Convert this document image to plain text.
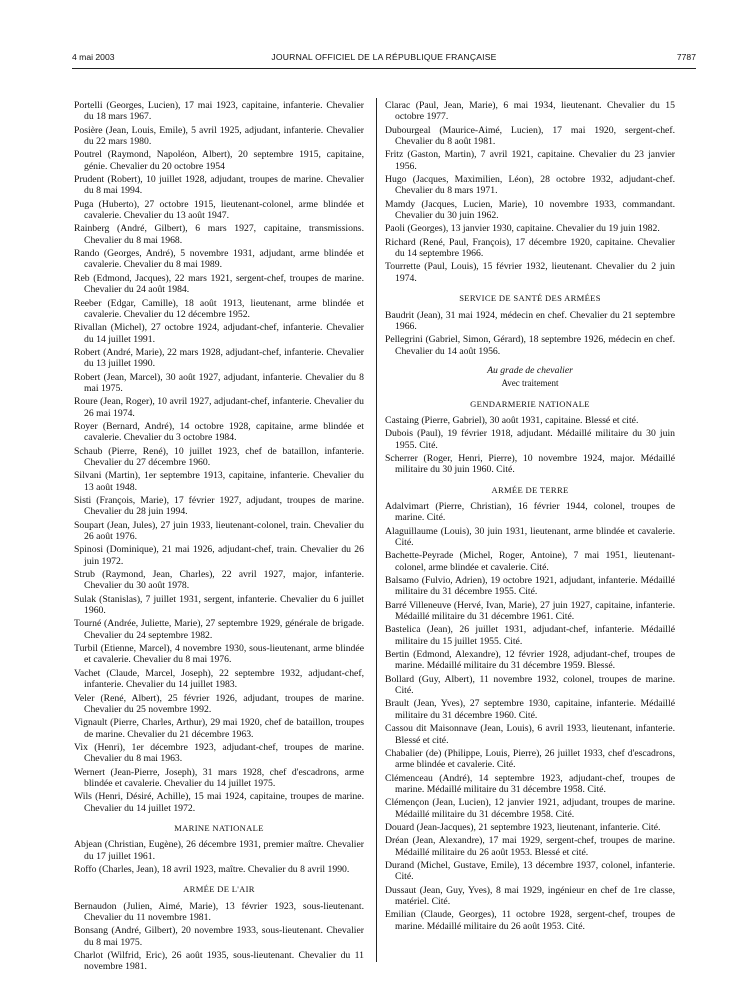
4 mai 2003	JOURNAL OFFICIEL DE LA RÉPUBLIQUE FRANÇAISE	7787

Portelli (Georges, Lucien), 17 mai 1923, capitaine, infanterie. Chevalier du 18 mars 1967.

Posière (Jean, Louis, Emile), 5 avril 1925, adjudant, infanterie. Chevalier du 22 mars 1980.

Poutrel (Raymond, Napoléon, Albert), 20 septembre 1915, capitaine, génie. Chevalier du 20 octobre 1954

Prudent (Robert), 10 juillet 1928, adjudant, troupes de marine. Chevalier du 8 mai 1994.

Puga (Huberto), 27 octobre 1915, lieutenant-colonel, arme blindée et cavalerie. Chevalier du 13 août 1947.

Rainberg (André, Gilbert), 6 mars 1927, capitaine, transmissions. Chevalier du 8 mai 1968.

Rando (Georges, André), 5 novembre 1931, adjudant, arme blindée et cavalerie. Chevalier du 8 mai 1989.

Reb (Edmond, Jacques), 22 mars 1921, sergent-chef, troupes de marine. Chevalier du 24 août 1984.

Reeber (Edgar, Camille), 18 août 1913, lieutenant, arme blindée et cavalerie. Chevalier du 12 décembre 1952.

Rivallan (Michel), 27 octobre 1924, adjudant-chef, infanterie. Chevalier du 14 juillet 1991.

Robert (André, Marie), 22 mars 1928, adjudant-chef, infanterie. Chevalier du 13 juillet 1990.

Robert (Jean, Marcel), 30 août 1927, adjudant, infanterie. Chevalier du 8 mai 1975.

Roure (Jean, Roger), 10 avril 1927, adjudant-chef, infanterie. Chevalier du 26 mai 1974.

Royer (Bernard, André), 14 octobre 1928, capitaine, arme blindée et cavalerie. Chevalier du 3 octobre 1984.

Schaub (Pierre, René), 10 juillet 1923, chef de bataillon, infanterie. Chevalier du 27 décembre 1960.

Silvani (Martin), 1er septembre 1913, capitaine, infanterie. Chevalier du 13 août 1948.

Sisti (François, Marie), 17 février 1927, adjudant, troupes de marine. Chevalier du 28 juin 1994.

Soupart (Jean, Jules), 27 juin 1933, lieutenant-colonel, train. Chevalier du 26 août 1976.

Spinosi (Dominique), 21 mai 1926, adjudant-chef, train. Chevalier du 26 juin 1972.

Strub (Raymond, Jean, Charles), 22 avril 1927, major, infanterie. Chevalier du 30 août 1978.

Sulak (Stanislas), 7 juillet 1931, sergent, infanterie. Chevalier du 6 juillet 1960.

Tourné (Andrée, Juliette, Marie), 27 septembre 1929, générale de brigade. Chevalier du 24 septembre 1982.

Turbil (Etienne, Marcel), 4 novembre 1930, sous-lieutenant, arme blindée et cavalerie. Chevalier du 8 mai 1976.

Vachet (Claude, Marcel, Joseph), 22 septembre 1932, adjudant-chef, infanterie. Chevalier du 14 juillet 1983.

Veler (René, Albert), 25 février 1926, adjudant, troupes de marine. Chevalier du 25 novembre 1992.

Vignault (Pierre, Charles, Arthur), 29 mai 1920, chef de bataillon, troupes de marine. Chevalier du 21 décembre 1963.

Vix (Henri), 1er décembre 1923, adjudant-chef, troupes de marine. Chevalier du 8 mai 1963.

Wernert (Jean-Pierre, Joseph), 31 mars 1928, chef d'escadrons, arme blindée et cavalerie. Chevalier du 14 juillet 1975.

Wils (Henri, Désiré, Achille), 15 mai 1924, capitaine, troupes de marine. Chevalier du 14 juillet 1972.

MARINE NATIONALE

Abjean (Christian, Eugène), 26 décembre 1931, premier maître. Chevalier du 17 juillet 1961.

Roffo (Charles, Jean), 18 avril 1923, maître. Chevalier du 8 avril 1990.

ARMÉE DE L'AIR

Bernaudon (Julien, Aimé, Marie), 13 février 1923, sous-lieutenant. Chevalier du 11 novembre 1981.

Bonsang (André, Gilbert), 20 novembre 1933, sous-lieutenant. Chevalier du 8 mai 1975.

Charlot (Wilfrid, Eric), 26 août 1935, sous-lieutenant. Chevalier du 11 novembre 1981.

Clarac (Paul, Jean, Marie), 6 mai 1934, lieutenant. Chevalier du 15 octobre 1977.

Dubourgeal (Maurice-Aimé, Lucien), 17 mai 1920, sergent-chef. Chevalier du 8 août 1981.

Fritz (Gaston, Martin), 7 avril 1921, capitaine. Chevalier du 23 janvier 1956.

Hugo (Jacques, Maximilien, Léon), 28 octobre 1932, adjudant-chef. Chevalier du 8 mars 1971.

Mamdy (Jacques, Lucien, Marie), 10 novembre 1933, commandant. Chevalier du 30 juin 1962.

Paoli (Georges), 13 janvier 1930, capitaine. Chevalier du 19 juin 1982.

Richard (René, Paul, François), 17 décembre 1920, capitaine. Chevalier du 14 septembre 1966.

Tourrette (Paul, Louis), 15 février 1932, lieutenant. Chevalier du 2 juin 1974.

SERVICE DE SANTÉ DES ARMÉES

Baudrit (Jean), 31 mai 1924, médecin en chef. Chevalier du 21 septembre 1966.

Pellegrini (Gabriel, Simon, Gérard), 18 septembre 1926, médecin en chef. Chevalier du 14 août 1956.

Au grade de chevalier
Avec traitement
GENDARMERIE NATIONALE

Castaing (Pierre, Gabriel), 30 août 1931, capitaine. Blessé et cité.

Dubois (Paul), 19 février 1918, adjudant. Médaillé militaire du 30 juin 1955. Cité.

Scherrer (Roger, Henri, Pierre), 10 novembre 1924, major. Médaillé militaire du 30 juin 1960. Cité.

ARMÉE DE TERRE

Adalvimart (Pierre, Christian), 16 février 1944, colonel, troupes de marine. Cité.

Alaguillaume (Louis), 30 juin 1931, lieutenant, arme blindée et cavalerie. Cité.

Bachette-Peyrade (Michel, Roger, Antoine), 7 mai 1951, lieutenant-colonel, arme blindée et cavalerie. Cité.

Balsamo (Fulvio, Adrien), 19 octobre 1921, adjudant, infanterie. Médaillé militaire du 31 décembre 1955. Cité.

Barré Villeneuve (Hervé, Ivan, Marie), 27 juin 1927, capitaine, infanterie. Médaillé militaire du 31 décembre 1961. Cité.

Bastelica (Jean), 26 juillet 1931, adjudant-chef, infanterie. Médaillé militaire du 15 juillet 1955. Cité.

Bertin (Edmond, Alexandre), 12 février 1928, adjudant-chef, troupes de marine. Médaillé militaire du 31 décembre 1959. Blessé.

Bollard (Guy, Albert), 11 novembre 1932, colonel, troupes de marine. Cité.

Brault (Jean, Yves), 27 septembre 1930, capitaine, infanterie. Médaillé militaire du 31 décembre 1960. Cité.

Cassou dit Maisonnave (Jean, Louis), 6 avril 1933, lieutenant, infanterie. Blessé et cité.

Chabalier (de) (Philippe, Louis, Pierre), 26 juillet 1933, chef d'escadrons, arme blindée et cavalerie. Cité.

Clémenceau (André), 14 septembre 1923, adjudant-chef, troupes de marine. Médaillé militaire du 31 décembre 1958. Cité.

Clémençon (Jean, Lucien), 12 janvier 1921, adjudant, troupes de marine. Médaillé militaire du 31 décembre 1958. Cité.

Douard (Jean-Jacques), 21 septembre 1923, lieutenant, infanterie. Cité.

Dréan (Jean, Alexandre), 17 mai 1929, sergent-chef, troupes de marine. Médaillé militaire du 26 août 1953. Blessé et cité.

Durand (Michel, Gustave, Emile), 13 décembre 1937, colonel, infanterie. Cité.

Dussaut (Jean, Guy, Yves), 8 mai 1929, ingénieur en chef de 1re classe, matériel. Cité.

Emilian (Claude, Georges), 11 octobre 1928, sergent-chef, troupes de marine. Médaillé militaire du 26 août 1953. Cité.
